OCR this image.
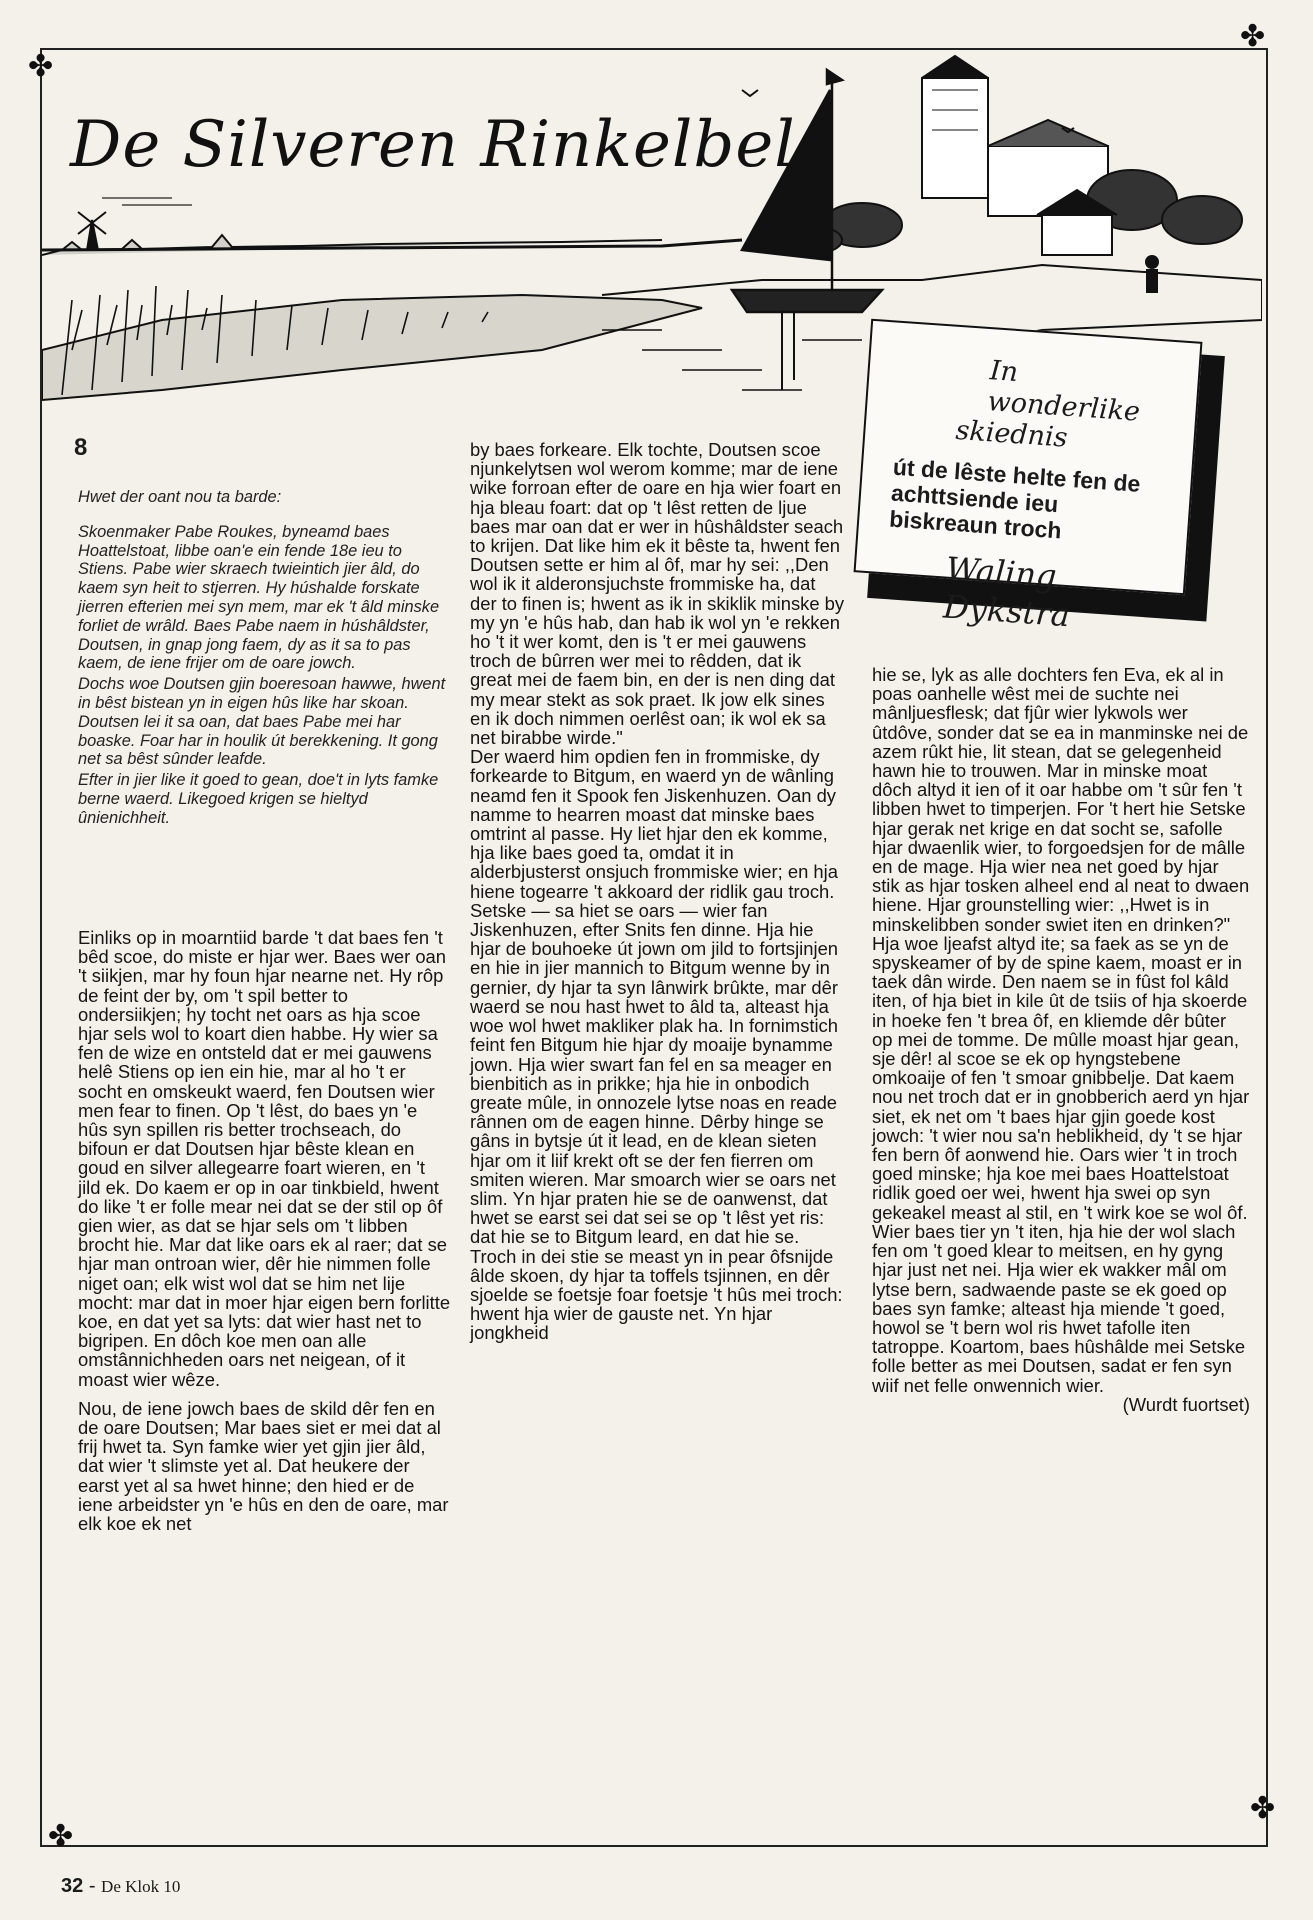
✤
✤
✤
✤
De Silveren Rinkelbel
In wonderlike
skiednis
út de lêste helte fen de achttsiende ieu biskreaun troch
Waling Dykstra
8

Hwet der oant nou ta barde:

Skoenmaker Pabe Roukes, byneamd baes Hoattelstoat, libbe oan'e ein fende 18e ieu to Stiens. Pabe wier skraech twieintich jier âld, do kaem syn heit to stjerren. Hy húshalde forskate jierren efterien mei syn mem, mar ek 't âld minske forliet de wrâld. Baes Pabe naem in húshâldster, Doutsen, in gnap jong faem, dy as it sa to pas kaem, de iene frijer om de oare jowch.

Dochs woe Doutsen gjin boeresoan hawwe, hwent in bêst bistean yn in eigen hûs like har skoan. Doutsen lei it sa oan, dat baes Pabe mei har boaske. Foar har in houlik út berekkening. It gong net sa bêst sûnder leafde.

Efter in jier like it goed to gean, doe't in lyts famke berne waerd. Likegoed krigen se hieltyd ûnienichheit.

Einliks op in moarntiid barde 't dat baes fen 't bêd scoe, do miste er hjar wer. Baes wer oan 't siikjen, mar hy foun hjar nearne net. Hy rôp de feint der by, om 't spil better to ondersiikjen; hy tocht net oars as hja scoe hjar sels wol to koart dien habbe. Hy wier sa fen de wize en ontsteld dat er mei gauwens helê Stiens op ien ein hie, mar al ho 't er socht en omskeukt waerd, fen Doutsen wier men fear to finen. Op 't lêst, do baes yn 'e hûs syn spillen ris better trochseach, do bifoun er dat Doutsen hjar bêste klean en goud en silver allegearre foart wieren, en 't jild ek. Do kaem er op in oar tinkbield, hwent do like 't er folle mear nei dat se der stil op ôf gien wier, as dat se hjar sels om 't libben brocht hie. Mar dat like oars ek al raer; dat se hjar man ontroan wier, dêr hie nimmen folle niget oan; elk wist wol dat se him net lije mocht: mar dat in moer hjar eigen bern forlitte koe, en dat yet sa lyts: dat wier hast net to bigripen. En dôch koe men oan alle omstânnichheden oars net neigean, of it moast wier wêze.

Nou, de iene jowch baes de skild dêr fen en de oare Doutsen; Mar baes siet er mei dat al frij hwet ta. Syn famke wier yet gjin jier âld, dat wier 't slimste yet al. Dat heukere der earst yet al sa hwet hinne; den hied er de iene arbeidster yn 'e hûs en den de oare, mar elk koe ek net

by baes forkeare. Elk tochte, Doutsen scoe njunkelytsen wol werom komme; mar de iene wike forroan efter de oare en hja wier foart en hja bleau foart: dat op 't lêst retten de ljue baes mar oan dat er wer in hûshâldster seach to krijen. Dat like him ek it bêste ta, hwent fen Doutsen sette er him al ôf, mar hy sei: ,,Den wol ik it alderonsjuchste frommiske ha, dat der to finen is; hwent as ik in skiklik minske by my yn 'e hûs hab, dan hab ik wol yn 'e rekken ho 't it wer komt, den is 't er mei gauwens troch de bûrren wer mei to rêdden, dat ik great mei de faem bin, en der is nen ding dat my mear stekt as sok praet. Ik jow elk sines en ik doch nimmen oerlêst oan; ik wol ek sa net birabbe wirde."

Der waerd him opdien fen in frommiske, dy forkearde to Bitgum, en waerd yn de wânling neamd fen it Spook fen Jiskenhuzen. Oan dy namme to hearren moast dat minske baes omtrint al passe. Hy liet hjar den ek komme, hja like baes goed ta, omdat it in alderbjusterst onsjuch frommiske wier; en hja hiene togearre 't akkoard der ridlik gau troch.

Setske — sa hiet se oars — wier fan Jiskenhuzen, efter Snits fen dinne. Hja hie hjar de bouhoeke út jown om jild to fortsjinjen en hie in jier mannich to Bitgum wenne by in gernier, dy hjar ta syn lânwirk brûkte, mar dêr waerd se nou hast hwet to âld ta, alteast hja woe wol hwet makliker plak ha. In fornimstich feint fen Bitgum hie hjar dy moaije bynamme jown. Hja wier swart fan fel en sa meager en bienbitich as in prikke; hja hie in onbodich greate mûle, in onnozele lytse noas en reade rânnen om de eagen hinne. Dêrby hinge se gâns in bytsje út it lead, en de klean sieten hjar om it liif krekt oft se der fen fierren om smiten wieren. Mar smoarch wier se oars net slim. Yn hjar praten hie se de oanwenst, dat hwet se earst sei dat sei se op 't lêst yet ris: dat hie se to Bitgum leard, en dat hie se. Troch in dei stie se meast yn in pear ôfsnijde âlde skoen, dy hjar ta toffels tsjinnen, en dêr sjoelde se foetsje foar foetsje 't hûs mei troch: hwent hja wier de gauste net. Yn hjar jongkheid

hie se, lyk as alle dochters fen Eva, ek al in poas oanhelle wêst mei de suchte nei mânljuesflesk; dat fjûr wier lykwols wer ûtdôve, sonder dat se ea in manminske nei de azem rûkt hie, lit stean, dat se gelegenheid hawn hie to trouwen. Mar in minske moat dôch altyd it ien of it oar habbe om 't sûr fen 't libben hwet to timperjen. For 't hert hie Setske hjar gerak net krige en dat socht se, safolle hjar dwaenlik wier, to forgoedsjen for de mâlle en de mage. Hja wier nea net goed by hjar stik as hjar tosken alheel end al neat to dwaen hiene. Hjar grounstelling wier: ,,Hwet is in minskelibben sonder swiet iten en drinken?" Hja woe ljeafst altyd ite; sa faek as se yn de spyskeamer of by de spine kaem, moast er in taek dân wirde. Den naem se in fûst fol kâld iten, of hja biet in kile ût de tsiis of hja skoerde in hoeke fen 't brea ôf, en kliemde dêr bûter op mei de tomme. De mûlle moast hjar gean, sje dêr! al scoe se ek op hyngstebene omkoaije of fen 't smoar gnibbelje. Dat kaem nou net troch dat er in gnobberich aerd yn hjar siet, ek net om 't baes hjar gjin goede kost jowch: 't wier nou sa'n heblikheid, dy 't se hjar fen bern ôf aonwend hie. Oars wier 't in troch goed minske; hja koe mei baes Hoattelstoat ridlik goed oer wei, hwent hja swei op syn gekeakel meast al stil, en 't wirk koe se wol ôf. Wier baes tier yn 't iten, hja hie der wol slach fen om 't goed klear to meitsen, en hy gyng hjar just net nei. Hja wier ek wakker mâl om lytse bern, sadwaende paste se ek goed op baes syn famke; alteast hja miende 't goed, howol se 't bern wol ris hwet tafolle iten tatroppe. Koartom, baes hûshâlde mei Setske folle better as mei Doutsen, sadat er fen syn wiif net felle onwennich wier.

(Wurdt fuortset)

32 - De Klok 10
